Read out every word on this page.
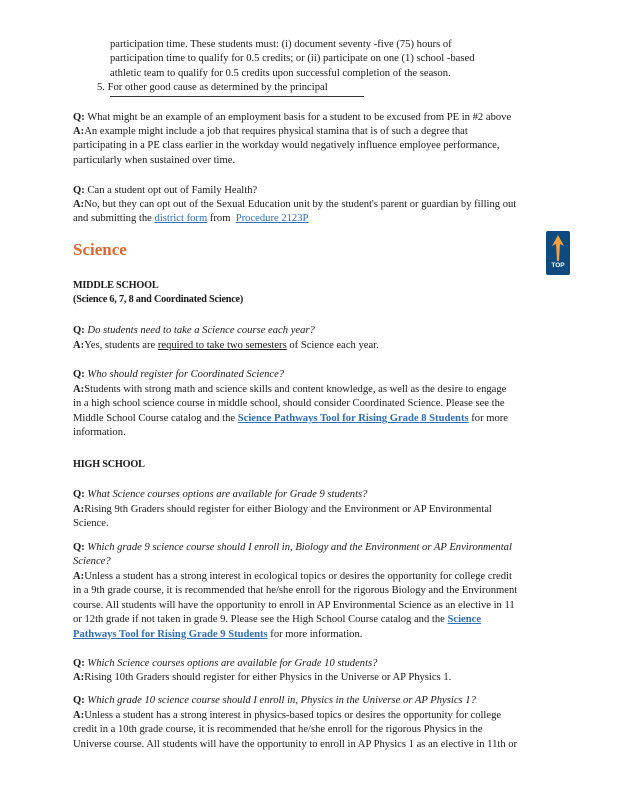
participation time. These students must: (i) document seventy -five (75) hours of
participation time to qualify for 0.5 credits; or (ii) participate on one (1) school -based
athletic team to qualify for 0.5 credits upon successful completion of the season.
5. For other good cause as determined by the principal
Q: What might be an example of an employment basis for a student to be excused from PE in #2 above
A:An example might include a job that requires physical stamina that is of such a degree that
participating in a PE class earlier in the workday would negatively influence employee performance,
particularly when sustained over time.
Q: Can a student opt out of Family Health?
A:No, but they can opt out of the Sexual Education unit by the student's parent or guardian by filling out
and submitting the district form from  Procedure 2123P
Science
TOP
MIDDLE SCHOOL
(Science 6, 7, 8 and Coordinated Science)
Q: Do students need to take a Science course each year?
A:Yes, students are required to take two semesters of Science each year.
Q: Who should register for Coordinated Science?
A:Students with strong math and science skills and content knowledge, as well as the desire to engage
in a high school science course in middle school, should consider Coordinated Science. Please see the
Middle School Course catalog and the Science Pathways Tool for Rising Grade 8 Students for more
information.
HIGH SCHOOL
Q: What Science courses options are available for Grade 9 students?
A:Rising 9th Graders should register for either Biology and the Environment or AP Environmental
Science.
Q: Which grade 9 science course should I enroll in, Biology and the Environment or AP Environmental
Science?
A:Unless a student has a strong interest in ecological topics or desires the opportunity for college credit
in a 9th grade course, it is recommended that he/she enroll for the rigorous Biology and the Environment
course. All students will have the opportunity to enroll in AP Environmental Science as an elective in 11
or 12th grade if not taken in grade 9. Please see the High School Course catalog and the Science
Pathways Tool for Rising Grade 9 Students for more information.
Q: Which Science courses options are available for Grade 10 students?
A:Rising 10th Graders should register for either Physics in the Universe or AP Physics 1.
Q: Which grade 10 science course should I enroll in, Physics in the Universe or AP Physics 1?
A:Unless a student has a strong interest in physics-based topics or desires the opportunity for college
credit in a 10th grade course, it is recommended that he/she enroll for the rigorous Physics in the
Universe course. All students will have the opportunity to enroll in AP Physics 1 as an elective in 11th or
